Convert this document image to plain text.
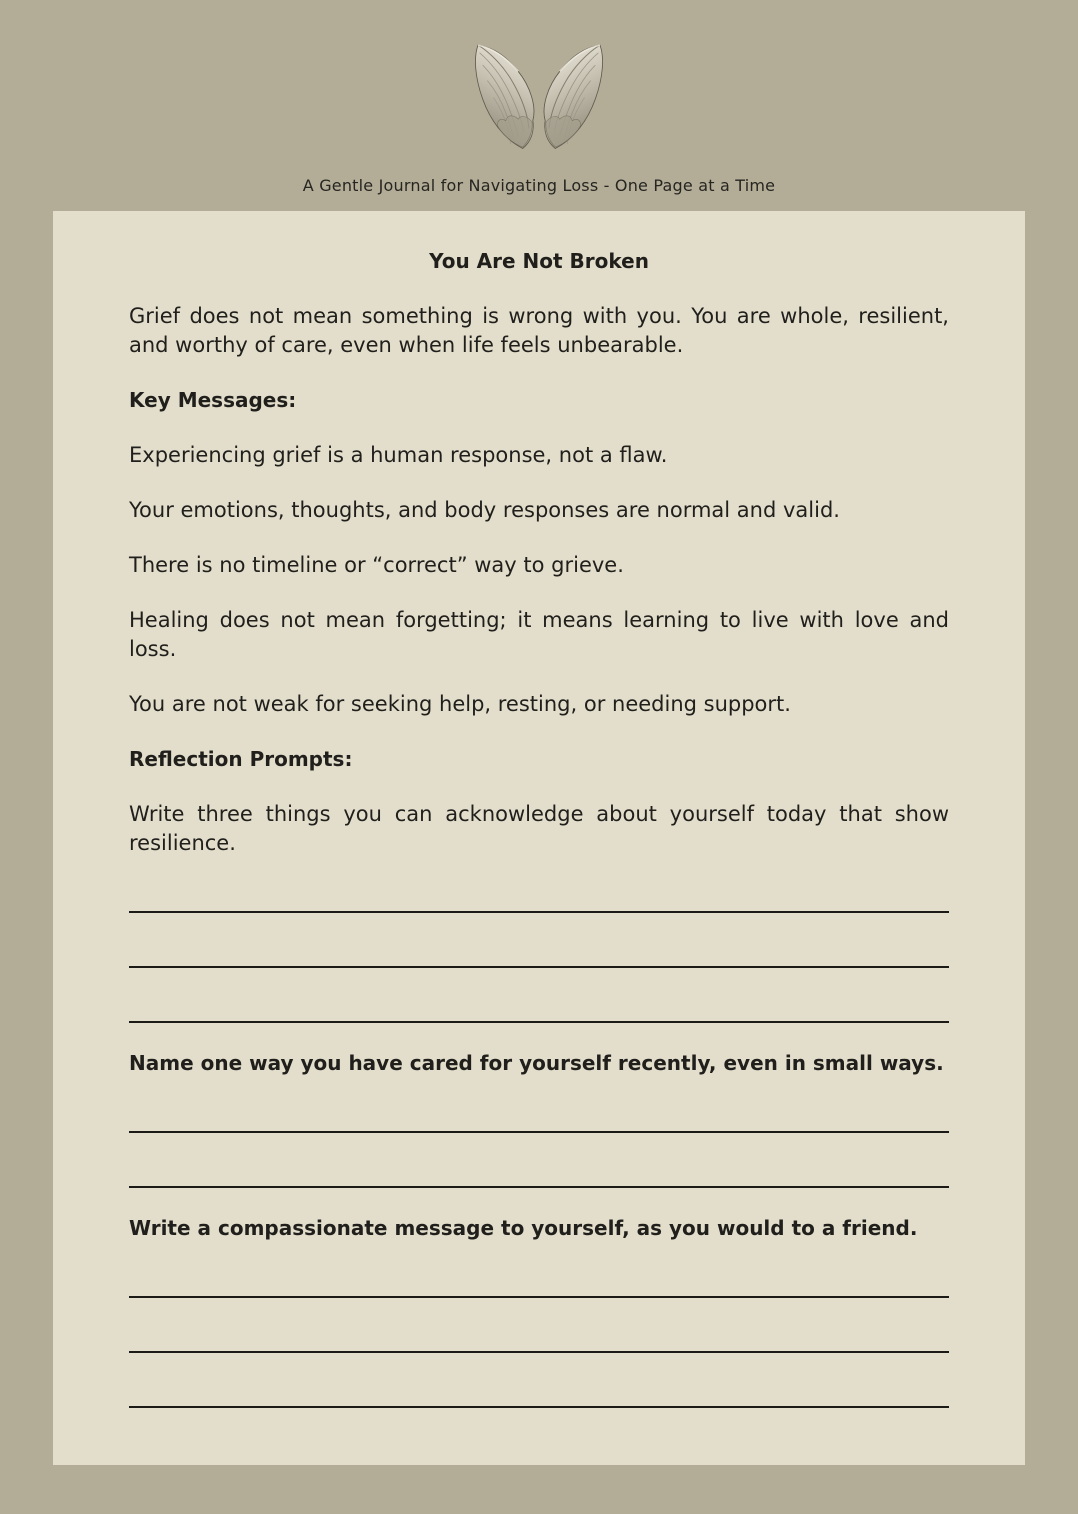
A Gentle Journal for Navigating Loss - One Page at a Time
You Are Not Broken

Grief does not mean something is wrong with you. You are whole, resilient, and worthy of care, even when life feels unbearable.

Key Messages:

Experiencing grief is a human response, not a flaw.

Your emotions, thoughts, and body responses are normal and valid.

There is no timeline or “correct” way to grieve.

Healing does not mean forgetting; it means learning to live with love and loss.

You are not weak for seeking help, resting, or needing support.

Reflection Prompts:

Write three things you can acknowledge about yourself today that show resilience.

Name one way you have cared for yourself recently, even in small ways.

Write a compassionate message to yourself, as you would to a friend.
